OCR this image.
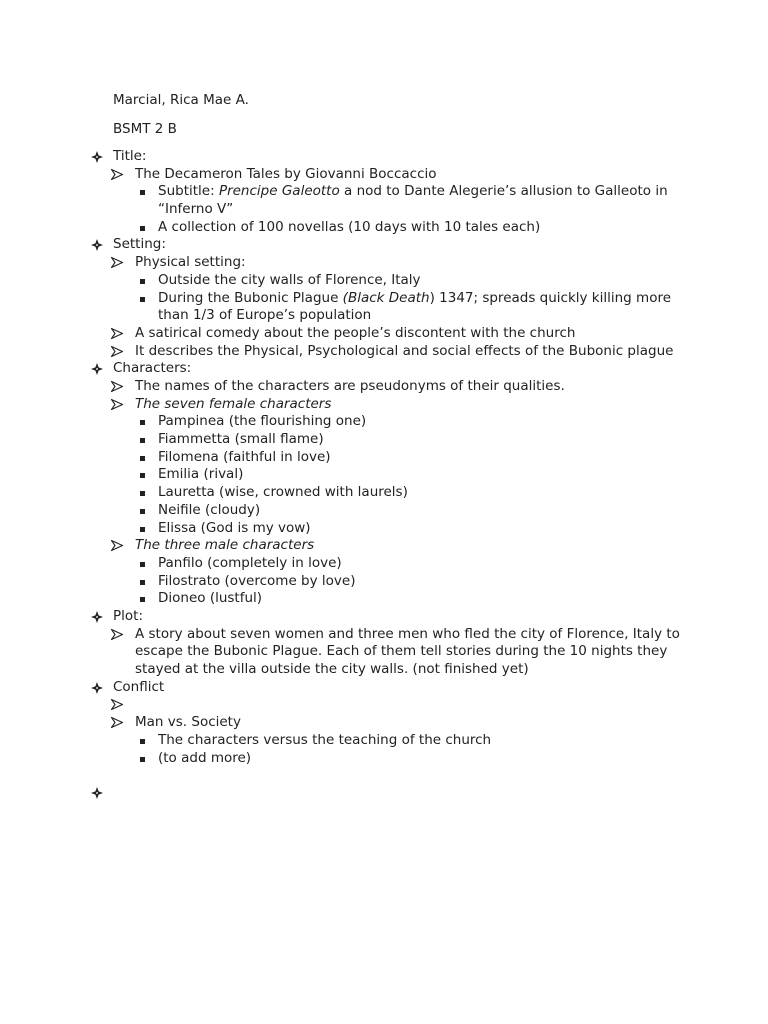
Marcial, Rica Mae A.
BSMT 2 B
Title:
The Decameron Tales by Giovanni Boccaccio
Subtitle: Prencipe Galeotto a nod to Dante Alegerie’s allusion to Galleoto in “Inferno V”
A collection of 100 novellas (10 days with 10 tales each)
Setting:
Physical setting:
Outside the city walls of Florence, Italy
During the Bubonic Plague (Black Death) 1347; spreads quickly killing more than 1/3 of Europe’s population
A satirical comedy about the people’s discontent with the church
It describes the Physical, Psychological and social effects of the Bubonic plague
Characters:
The names of the characters are pseudonyms of their qualities.
The seven female characters
Pampinea (the flourishing one)
Fiammetta (small flame)
Filomena (faithful in love)
Emilia (rival)
Lauretta (wise, crowned with laurels)
Neifile (cloudy)
Elissa (God is my vow)
The three male characters
Panfilo (completely in love)
Filostrato (overcome by love)
Dioneo (lustful)
Plot:
A story about seven women and three men who fled the city of Florence, Italy to escape the Bubonic Plague. Each of them tell stories during the 10 nights they stayed at the villa outside the city walls. (not finished yet)
Conflict
Man vs. Society
The characters versus the teaching of the church
(to add more)
